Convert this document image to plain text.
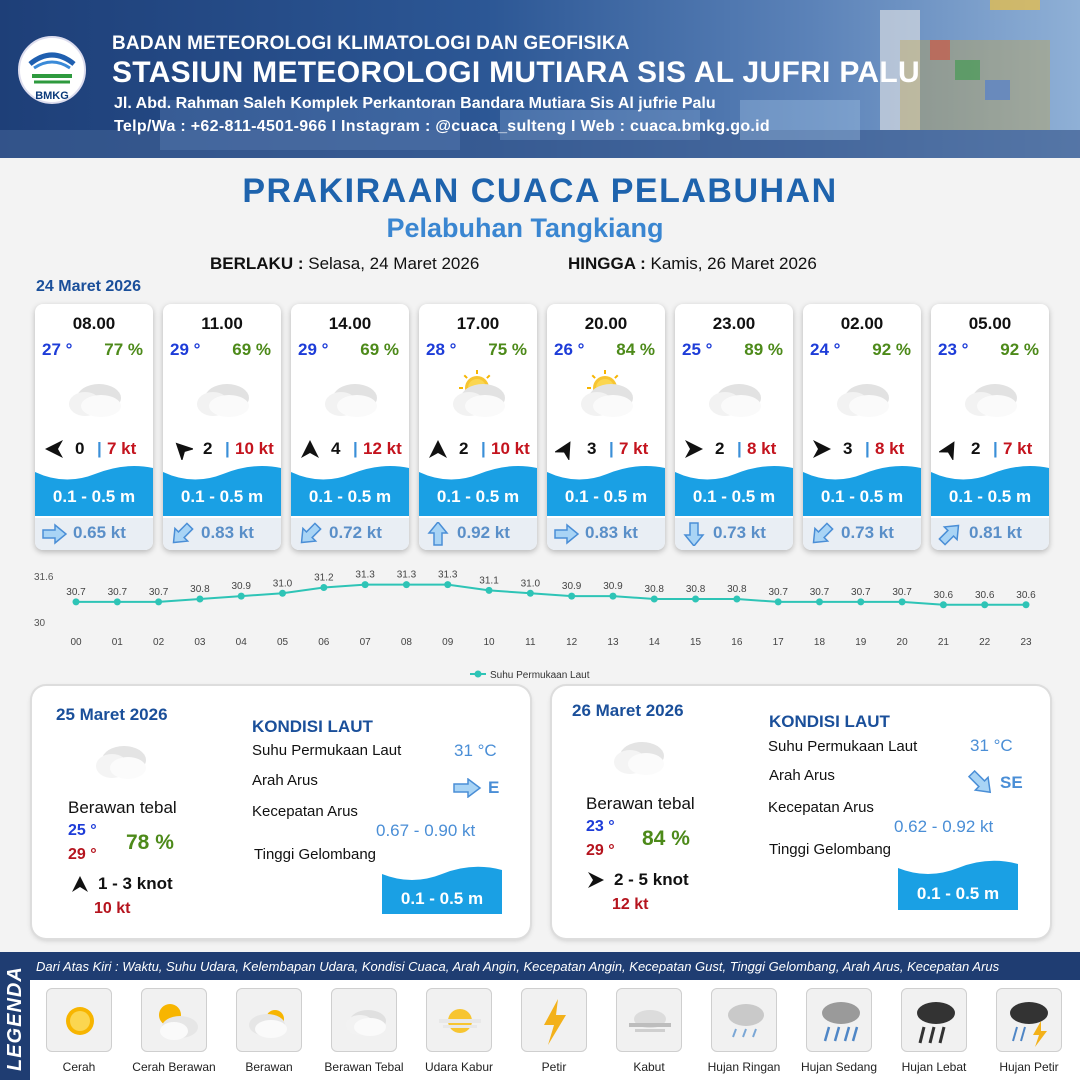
BMKG
BADAN METEOROLOGI KLIMATOLOGI DAN GEOFISIKA
STASIUN METEOROLOGI MUTIARA SIS AL JUFRI PALU
Jl. Abd. Rahman Saleh Komplek Perkantoran Bandara Mutiara Sis Al jufrie Palu
Telp/Wa : +62-811-4501-966 I Instagram : @cuaca_sulteng I Web : cuaca.bmkg.go.id
PRAKIRAAN CUACA PELABUHAN
Pelabuhan Tangkiang
BERLAKU : Selasa, 24 Maret 2026	HINGGA : Kamis, 26 Maret 2026
24 Maret 2026
08.00
27 ° 77 %
0 | 7 kt
0.1 - 0.5 m
0.65 kt
11.00
29 ° 69 %
2 | 10 kt
0.1 - 0.5 m
0.83 kt
14.00
29 ° 69 %
4 | 12 kt
0.1 - 0.5 m
0.72 kt
17.00
28 ° 75 %
2 | 10 kt
0.1 - 0.5 m
0.92 kt
20.00
26 ° 84 %
3 | 7 kt
0.1 - 0.5 m
0.83 kt
23.00
25 ° 89 %
2 | 8 kt
0.1 - 0.5 m
0.73 kt
02.00
24 ° 92 %
3 | 8 kt
0.1 - 0.5 m
0.73 kt
05.00
23 ° 92 %
2 | 7 kt
0.1 - 0.5 m
0.81 kt
31.6
30
30.7
00
30.7
01
30.7
02
30.8
03
30.9
04
31.0
05
31.2
06
31.3
07
31.3
08
31.3
09
31.1
10
31.0
11
30.9
12
30.9
13
30.8
14
30.8
15
30.8
16
30.7
17
30.7
18
30.7
19
30.7
20
30.6
21
30.6
22
30.6
23
Suhu Permukaan Laut
25 Maret 2026
Berawan tebal
25 °
29 °
78 %
1 - 3 knot
10 kt
KONDISI LAUT
Suhu Permukaan Laut	31 °C
Arah Arus	E
Kecepatan Arus
0.67 - 0.90 kt
Tinggi Gelombang
0.1 - 0.5 m
26 Maret 2026
Berawan tebal
23 °
29 °
84 %
2 - 5 knot
12 kt
KONDISI LAUT
Suhu Permukaan Laut	31 °C
Arah Arus	SE
Kecepatan Arus
0.62 - 0.92 kt
Tinggi Gelombang
0.1 - 0.5 m
LEGENDA
Dari Atas Kiri : Waktu, Suhu Udara, Kelembapan Udara, Kondisi Cuaca, Arah Angin, Kecepatan Angin, Kecepatan Gust, Tinggi Gelombang, Arah Arus, Kecepatan Arus
Cerah	Cerah Berawan	Berawan	Berawan Tebal	Udara Kabur	Petir	Kabut	Hujan Ringan	Hujan Sedang	Hujan Lebat	Hujan Petir
